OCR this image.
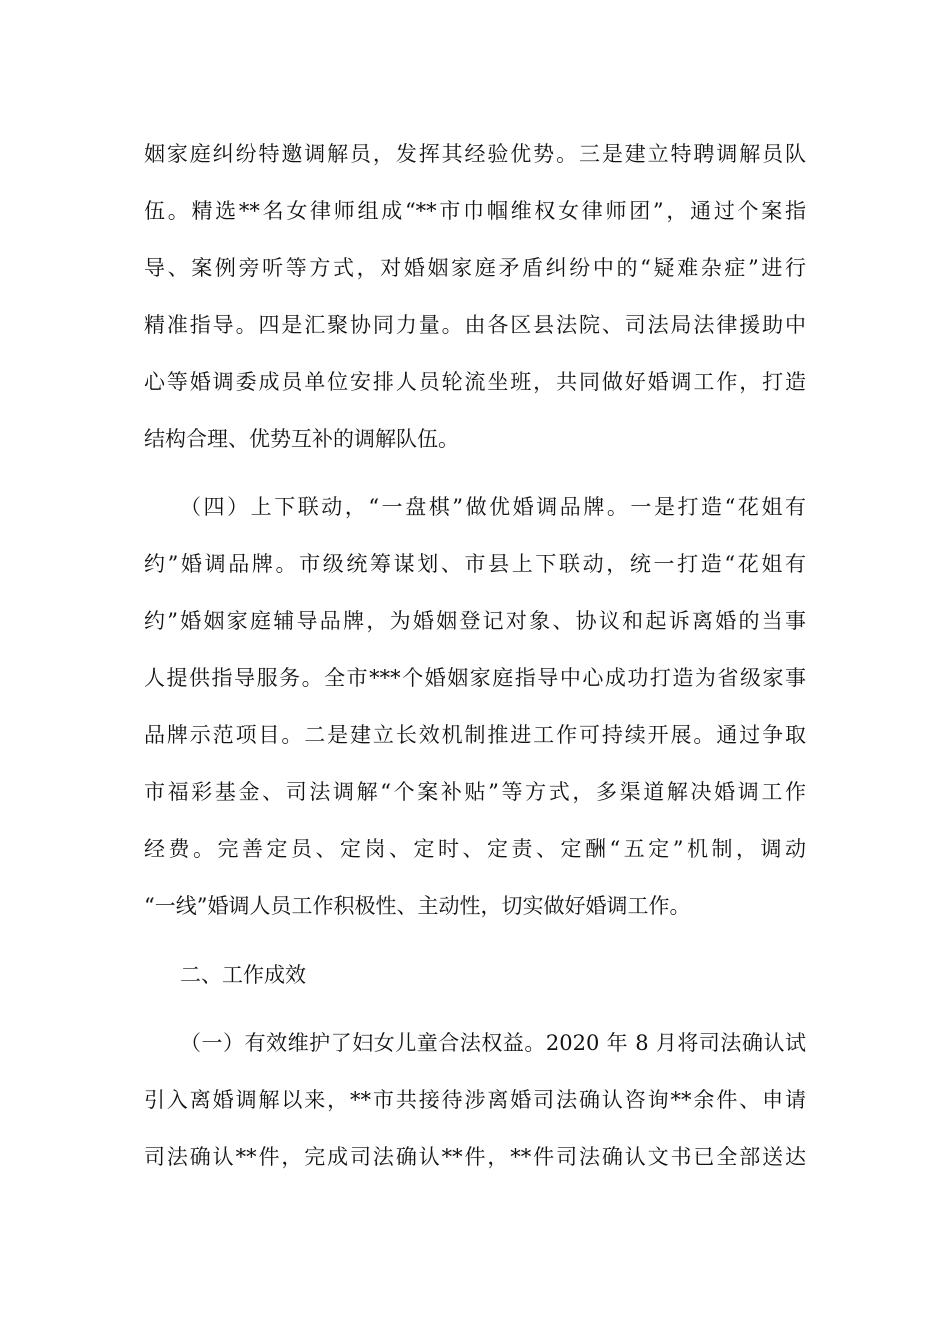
姻家庭纠纷特邀调解员，发挥其经验优势。三是建立特聘调解员队
伍。精选**名女律师组成“**市巾帼维权女律师团”，通过个案指
导、案例旁听等方式，对婚姻家庭矛盾纠纷中的“疑难杂症”进行
精准指导。四是汇聚协同力量。由各区县法院、司法局法律援助中
心等婚调委成员单位安排人员轮流坐班，共同做好婚调工作，打造
结构合理、优势互补的调解队伍。
（四）上下联动，“一盘棋”做优婚调品牌。一是打造“花姐有
约”婚调品牌。市级统筹谋划、市县上下联动，统一打造“花姐有
约”婚姻家庭辅导品牌，为婚姻登记对象、协议和起诉离婚的当事
人提供指导服务。全市***个婚姻家庭指导中心成功打造为省级家事
品牌示范项目。二是建立长效机制推进工作可持续开展。通过争取
市福彩基金、司法调解“个案补贴”等方式，多渠道解决婚调工作
经费。完善定员、定岗、定时、定责、定酬“五定”机制，调动
“一线”婚调人员工作积极性、主动性，切实做好婚调工作。
二、工作成效
（一）有效维护了妇女儿童合法权益。2020 年 8 月将司法确认试
引入离婚调解以来，**市共接待涉离婚司法确认咨询**余件、申请
司法确认**件，完成司法确认**件，**件司法确认文书已全部送达
